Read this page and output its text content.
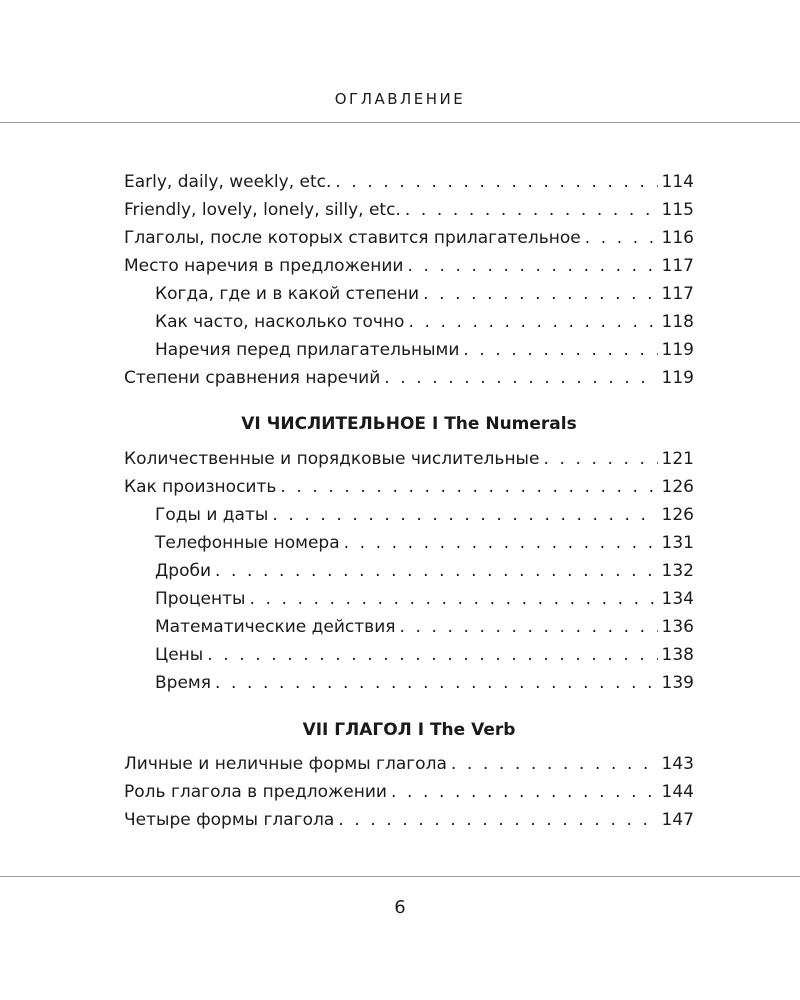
ОГЛАВЛЕНИЕ
Early, daily, weekly, etc. . . .	114
Friendly, lovely, lonely, silly, etc. . . .	115
Глаголы, после которых ставится прилагательное . . .	116
Место наречия в предложении . . .	117
Когда, где и в какой степени . . .	117
Как часто, насколько точно . . .	118
Наречия перед прилагательными . . .	119
Степени сравнения наречий . . .	119
VI ЧИСЛИТЕЛЬНОЕ I The Numerals
Количественные и порядковые числительные . . .	121
Как произносить . . .	126
Годы и даты . . .	126
Телефонные номера . . .	131
Дроби . . .	132
Проценты . . .	134
Математические действия . . .	136
Цены . . .	138
Время . . .	139
VII ГЛАГОЛ I The Verb
Личные и неличные формы глагола . . .	143
Роль глагола в предложении . . .	144
Четыре формы глагола . . .	147
6
